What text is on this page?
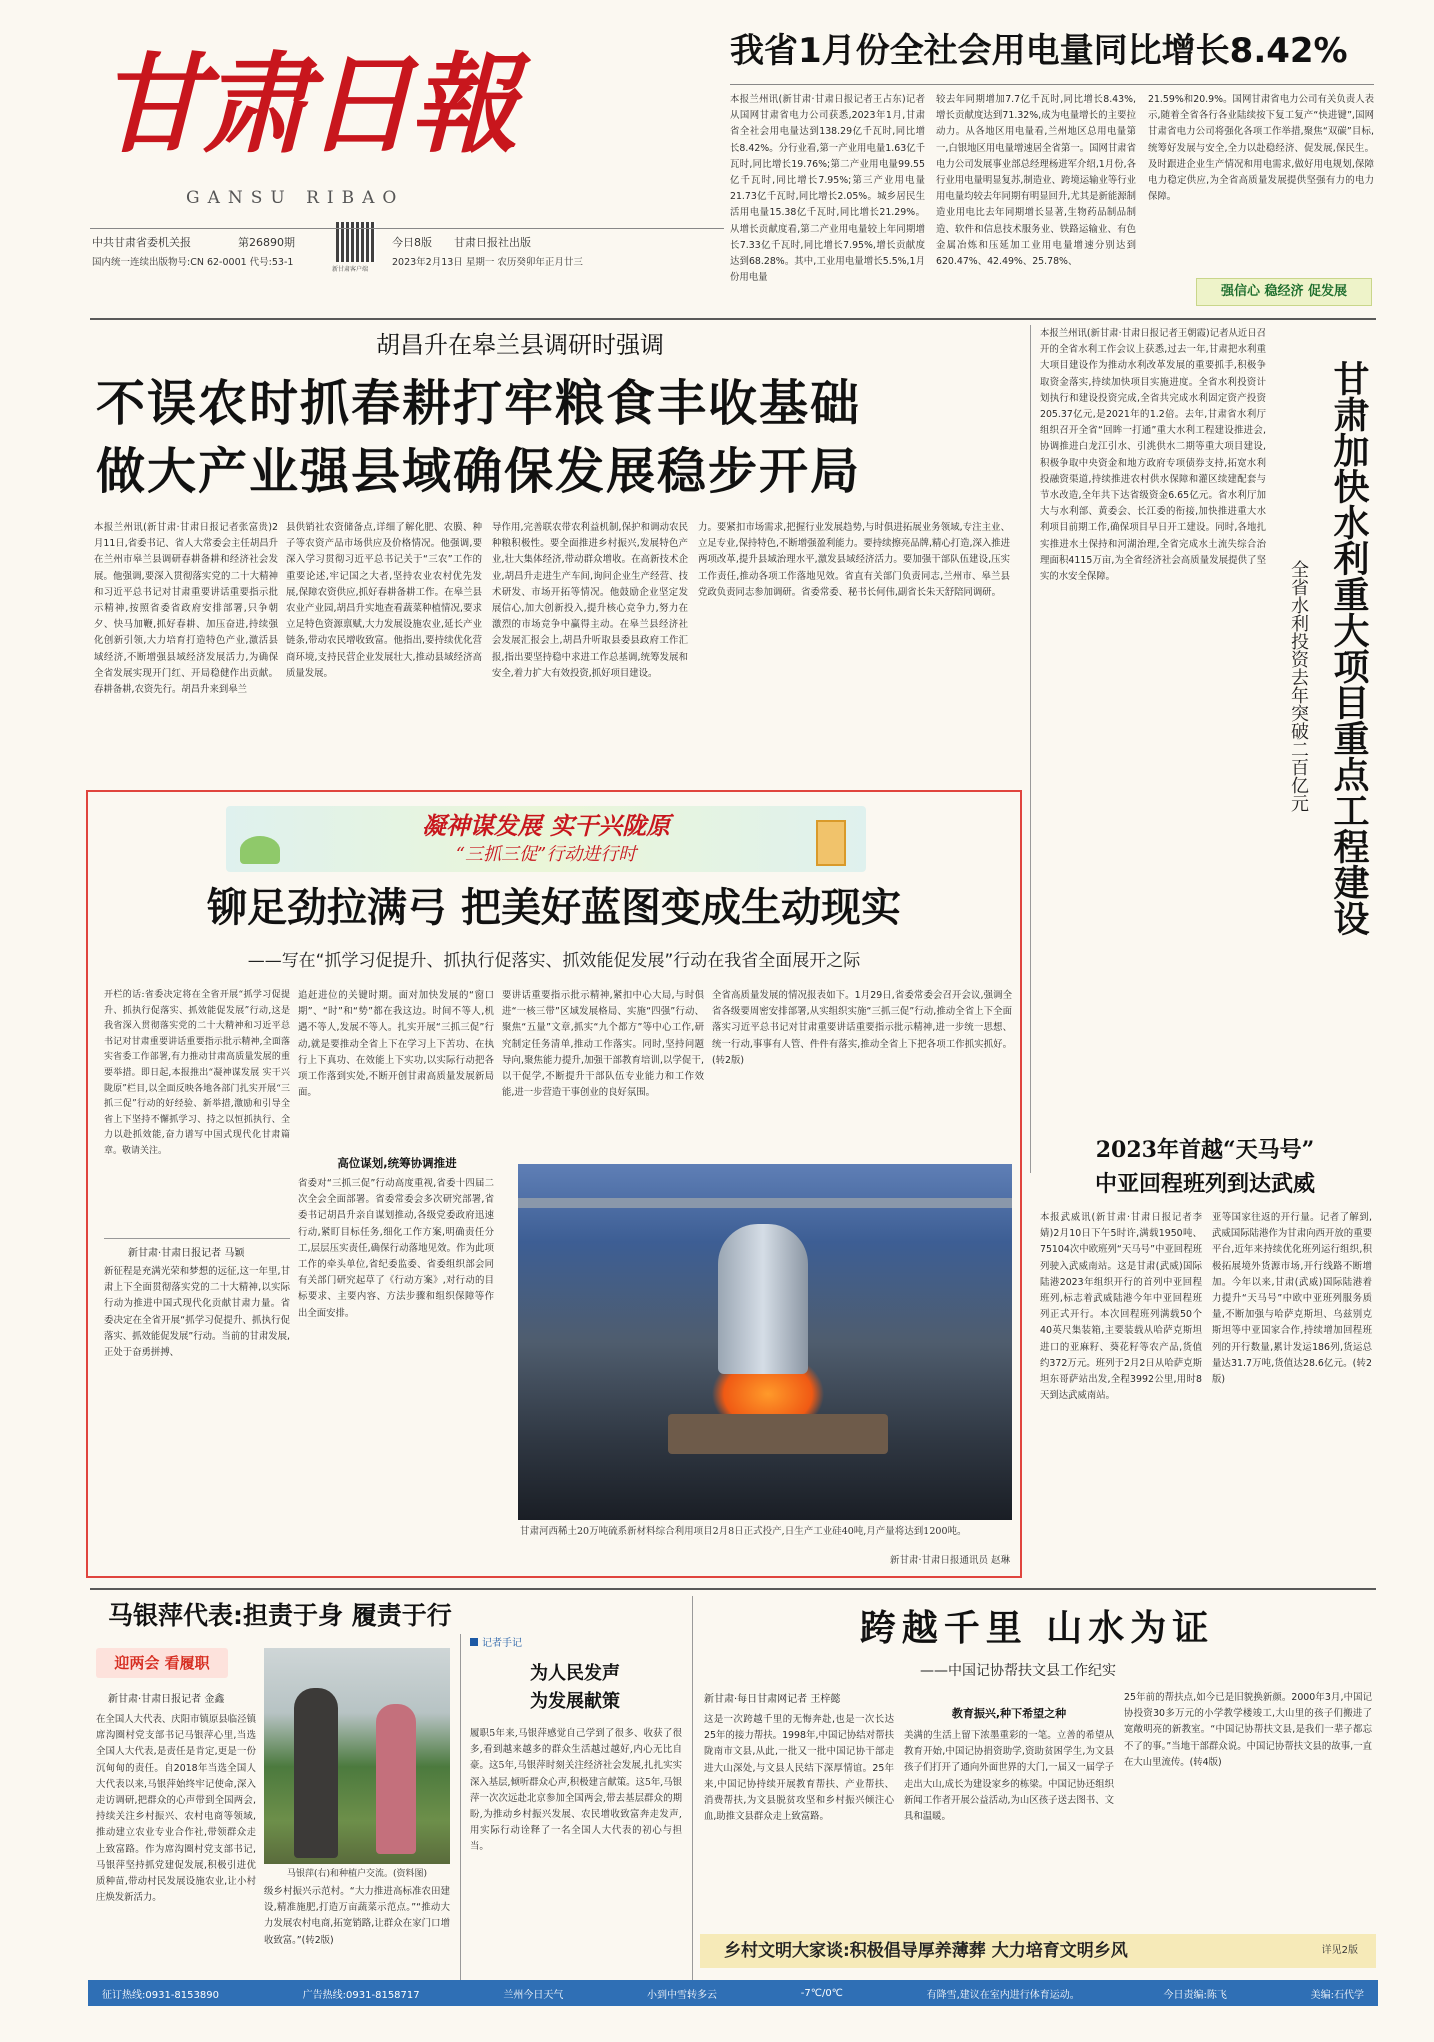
甘肃日報
GANSU RIBAO
中共甘肃省委机关报	第26890期
国内统一连续出版物号:CN 62-0001 代号:53-1
新甘肃客户端
今日8版 甘肃日报社出版
2023年2月13日 星期一 农历癸卯年正月廿三
我省1月份全社会用电量同比增长8.42%
本报兰州讯(新甘肃·甘肃日报记者王占东)记者从国网甘肃省电力公司获悉,2023年1月,甘肃省全社会用电量达到138.29亿千瓦时,同比增长8.42%。分行业看,第一产业用电量1.63亿千瓦时,同比增长19.76%;第二产业用电量99.55亿千瓦时,同比增长7.95%;第三产业用电量21.73亿千瓦时,同比增长2.05%。城乡居民生活用电量15.38亿千瓦时,同比增长21.29%。从增长贡献度看,第二产业用电量较上年同期增长7.33亿千瓦时,同比增长7.95%,增长贡献度达到68.28%。其中,工业用电量增长5.5%,1月份用电量
较去年同期增加7.7亿千瓦时,同比增长8.43%,增长贡献度达到71.32%,成为电量增长的主要拉动力。从各地区用电量看,兰州地区总用电量第一,白银地区用电量增速居全省第一。国网甘肃省电力公司发展事业部总经理杨进军介绍,1月份,各行业用电量明显复苏,制造业、跨境运输业等行业用电量均较去年同期有明显回升,尤其是新能源制造业用电比去年同期增长显著,生物药品制品制造、软件和信息技术服务业、铁路运输业、有色金属冶炼和压延加工业用电量增速分别达到620.47%、42.49%、25.78%、
21.59%和20.9%。国网甘肃省电力公司有关负责人表示,随着全省各行各业陆续按下复工复产“快进键”,国网甘肃省电力公司将强化各项工作举措,聚焦“双碳”目标,统筹好发展与安全,全力以赴稳经济、促发展,保民生。及时跟进企业生产情况和用电需求,做好用电规划,保障电力稳定供应,为全省高质量发展提供坚强有力的电力保障。
强信心 稳经济 促发展
胡昌升在皋兰县调研时强调
不误农时抓春耕打牢粮食丰收基础
做大产业强县域确保发展稳步开局
本报兰州讯(新甘肃·甘肃日报记者张富贵)2月11日,省委书记、省人大常委会主任胡昌升在兰州市皋兰县调研春耕备耕和经济社会发展。他强调,要深入贯彻落实党的二十大精神和习近平总书记对甘肃重要讲话重要指示批示精神,按照省委省政府安排部署,只争朝夕、快马加鞭,抓好春耕、加压奋进,持续强化创新引领,大力培育打造特色产业,激活县域经济,不断增强县域经济发展活力,为确保全省发展实现开门红、开局稳健作出贡献。春耕备耕,农资先行。胡昌升来到皋兰
县供销社农资储备点,详细了解化肥、农膜、种子等农资产品市场供应及价格情况。他强调,要深入学习贯彻习近平总书记关于“三农”工作的重要论述,牢记国之大者,坚持农业农村优先发展,保障农资供应,抓好春耕备耕工作。在皋兰县农业产业园,胡昌升实地查看蔬菜种植情况,要求立足特色资源禀赋,大力发展设施农业,延长产业链条,带动农民增收致富。他指出,要持续优化营商环境,支持民营企业发展壮大,推动县域经济高质量发展。
导作用,完善联农带农利益机制,保护和调动农民种粮积极性。要全面推进乡村振兴,发展特色产业,壮大集体经济,带动群众增收。在高新技术企业,胡昌升走进生产车间,询问企业生产经营、技术研发、市场开拓等情况。他鼓励企业坚定发展信心,加大创新投入,提升核心竞争力,努力在激烈的市场竞争中赢得主动。在皋兰县经济社会发展汇报会上,胡昌升听取县委县政府工作汇报,指出要坚持稳中求进工作总基调,统筹发展和安全,着力扩大有效投资,抓好项目建设。
力。要紧扣市场需求,把握行业发展趋势,与时俱进拓展业务领域,专注主业、立足专业,保持特色,不断增强盈利能力。要持续擦亮品牌,精心打造,深入推进两项改革,提升县域治理水平,激发县域经济活力。要加强干部队伍建设,压实工作责任,推动各项工作落地见效。省直有关部门负责同志,兰州市、皋兰县党政负责同志参加调研。省委常委、秘书长何伟,副省长朱天舒陪同调研。
本报兰州讯(新甘肃·甘肃日报记者王朝霞)记者从近日召开的全省水利工作会议上获悉,过去一年,甘肃把水利重大项目建设作为推动水利改革发展的重要抓手,积极争取资金落实,持续加快项目实施进度。全省水利投资计划执行和建设投资完成,全省共完成水利固定资产投资205.37亿元,是2021年的1.2倍。去年,甘肃省水利厅组织召开全省“回眸一打通”重大水利工程建设推进会,协调推进白龙江引水、引洮供水二期等重大项目建设,积极争取中央资金和地方政府专项债券支持,拓宽水利投融资渠道,持续推进农村供水保障和灌区续建配套与节水改造,全年共下达省级资金6.65亿元。省水利厅加大与水利部、黄委会、长江委的衔接,加快推进重大水利项目前期工作,确保项目早日开工建设。同时,各地扎实推进水土保持和河湖治理,全省完成水土流失综合治理面积4115万亩,为全省经济社会高质量发展提供了坚实的水安全保障。	甘肃加快水利重大项目重点工程建设
全省水利投资去年突破二百亿元
凝神谋发展 实干兴陇原
“三抓三促”行动进行时
铆足劲拉满弓 把美好蓝图变成生动现实
——写在“抓学习促提升、抓执行促落实、抓效能促发展”行动在我省全面展开之际
开栏的话:省委决定将在全省开展“抓学习促提升、抓执行促落实、抓效能促发展”行动,这是我省深入贯彻落实党的二十大精神和习近平总书记对甘肃重要讲话重要指示批示精神,全面落实省委工作部署,有力推动甘肃高质量发展的重要举措。即日起,本报推出“凝神谋发展 实干兴陇原”栏目,以全面反映各地各部门扎实开展“三抓三促”行动的好经验、新举措,激励和引导全省上下坚持不懈抓学习、持之以恒抓执行、全力以赴抓效能,奋力谱写中国式现代化甘肃篇章。敬请关注。
新甘肃·甘肃日报记者 马颖
新征程是充满光荣和梦想的远征,这一年里,甘肃上下全面贯彻落实党的二十大精神,以实际行动为推进中国式现代化贡献甘肃力量。省委决定在全省开展“抓学习促提升、抓执行促落实、抓效能促发展”行动。当前的甘肃发展,正处于奋勇拼搏、
追赶进位的关键时期。面对加快发展的“窗口期”、“时”和“势”都在我这边。时间不等人,机遇不等人,发展不等人。扎实开展“三抓三促”行动,就是要推动全省上下在学习上下苦功、在执行上下真功、在效能上下实功,以实际行动把各项工作落到实处,不断开创甘肃高质量发展新局面。
高位谋划,统筹协调推进
省委对“三抓三促”行动高度重视,省委十四届二次全会全面部署。省委常委会多次研究部署,省委书记胡昌升亲自谋划推动,各级党委政府迅速行动,紧盯目标任务,细化工作方案,明确责任分工,层层压实责任,确保行动落地见效。作为此项工作的牵头单位,省纪委监委、省委组织部会同有关部门研究起草了《行动方案》,对行动的目标要求、主要内容、方法步骤和组织保障等作出全面安排。
要讲话重要指示批示精神,紧扣中心大局,与时俱进“一核三带”区域发展格局、实施“四强”行动、聚焦“五量”文章,抓实“九个都方”等中心工作,研究制定任务清单,推动工作落实。同时,坚持问题导向,聚焦能力提升,加强干部教育培训,以学促干,以干促学,不断提升干部队伍专业能力和工作效能,进一步营造干事创业的良好氛围。
全省高质量发展的情况报表如下。1月29日,省委常委会召开会议,强调全省各级要周密安排部署,从实组织实施“三抓三促”行动,推动全省上下全面落实习近平总书记对甘肃重要讲话重要指示批示精神,进一步统一思想、统一行动,事事有人管、件件有落实,推动全省上下把各项工作抓实抓好。(转2版)
甘肃河西稀土20万吨硫系新材料综合利用项目2月8日正式投产,日生产工业硅40吨,月产量将达到1200吨。
新甘肃·甘肃日报通讯员 赵琳
2023年首越“天马号”
中亚回程班列到达武威
本报武威讯(新甘肃·甘肃日报记者李婧)2月10日下午5时许,满载1950吨、75104次中欧班列“天马号”中亚回程班列驶入武威南站。这是甘肃(武威)国际陆港2023年组织开行的首列中亚回程班列,标志着武威陆港今年中亚回程班列正式开行。本次回程班列满载50个40英尺集装箱,主要装载从哈萨克斯坦进口的亚麻籽、葵花籽等农产品,货值约372万元。班列于2月2日从哈萨克斯坦东哥萨站出发,全程3992公里,用时8天到达武威南站。
亚等国家往返的开行量。记者了解到,武威国际陆港作为甘肃向西开放的重要平台,近年来持续优化班列运行组织,积极拓展境外货源市场,开行线路不断增加。今年以来,甘肃(武威)国际陆港着力提升“天马号”中欧中亚班列服务质量,不断加强与哈萨克斯坦、乌兹别克斯坦等中亚国家合作,持续增加回程班列的开行数量,累计发运186列,货运总量达31.7万吨,货值达28.6亿元。(转2版)
马银萍代表:担责于身 履责于行
迎两会 看履职
新甘肃·甘肃日报记者 金鑫
在全国人大代表、庆阳市镇原县临泾镇席沟圈村党支部书记马银萍心里,当选全国人大代表,是责任是肯定,更是一份沉甸甸的责任。自2018年当选全国人大代表以来,马银萍始终牢记使命,深入走访调研,把群众的心声带到全国两会,持续关注乡村振兴、农村电商等领域,推动建立农业专业合作社,带领群众走上致富路。作为席沟圈村党支部书记,马银萍坚持抓党建促发展,积极引进优质种苗,带动村民发展设施农业,让小村庄焕发新活力。
马银萍(右)和种植户交流。(资料图)
级乡村振兴示范村。“大力推进高标准农田建设,精准施肥,打造万亩蔬菜示范点。”“推动大力发展农村电商,拓宽销路,让群众在家门口增收致富。”(转2版)
记者手记
为人民发声
为发展献策
履职5年来,马银萍感觉自己学到了很多、收获了很多,看到越来越多的群众生活越过越好,内心无比自豪。这5年,马银萍时刻关注经济社会发展,扎扎实实深入基层,倾听群众心声,积极建言献策。这5年,马银萍一次次远赴北京参加全国两会,带去基层群众的期盼,为推动乡村振兴发展、农民增收致富奔走发声,用实际行动诠释了一名全国人大代表的初心与担当。
跨越千里 山水为证
——中国记协帮扶文县工作纪实
新甘肃·每日甘肃网记者 王梓懿
这是一次跨越千里的无悔奔赴,也是一次长达25年的接力帮扶。1998年,中国记协结对帮扶陇南市文县,从此,一批又一批中国记协干部走进大山深处,与文县人民结下深厚情谊。25年来,中国记协持续开展教育帮扶、产业帮扶、消费帮扶,为文县脱贫攻坚和乡村振兴倾注心血,助推文县群众走上致富路。
美满的生活上留下浓墨重彩的一笔。立善的希望从教育开始,中国记协捐资助学,资助贫困学生,为文县孩子们打开了通向外面世界的大门,一届又一届学子走出大山,成长为建设家乡的栋梁。中国记协还组织新闻工作者开展公益活动,为山区孩子送去图书、文具和温暖。
教育振兴,种下希望之种
25年前的帮扶点,如今已是旧貌换新颜。2000年3月,中国记协投资30多万元的小学教学楼竣工,大山里的孩子们搬进了宽敞明亮的新教室。“中国记协帮扶文县,是我们一辈子都忘不了的事。”当地干部群众说。中国记协帮扶文县的故事,一直在大山里流传。(转4版)
乡村文明大家谈:积极倡导厚养薄葬 大力培育文明乡风	详见2版
征订热线:0931-8153890	广告热线:0931-8158717	兰州今日天气	小到中雪转多云	-7℃/0℃	有降雪,建议在室内进行体育运动。	今日责编:陈飞	美编:石代学
